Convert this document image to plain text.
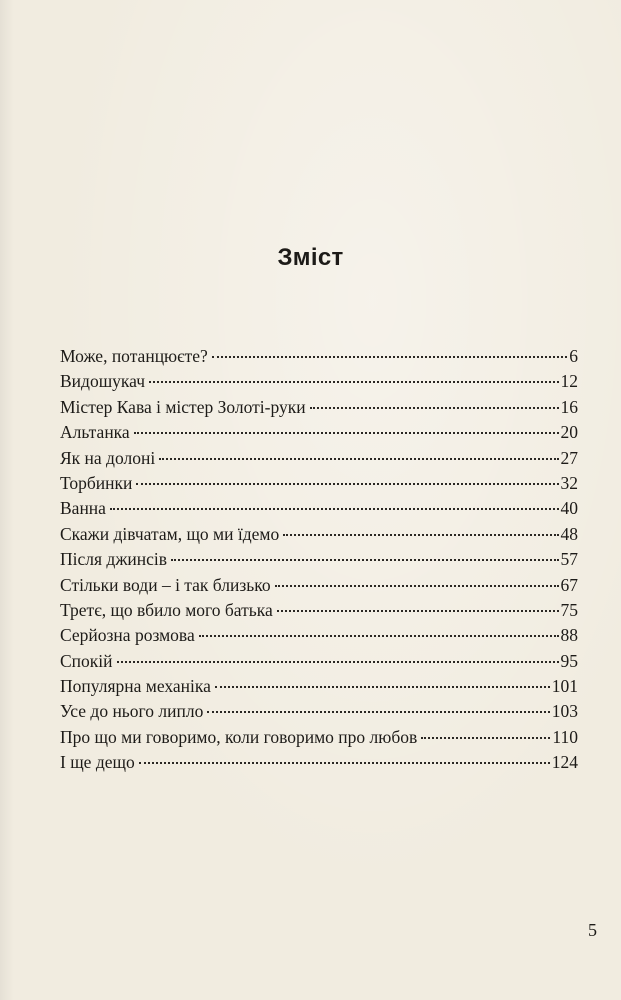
Зміст
Може, потанцюєте?	6
Видошукач	12
Містер Кава і містер Золоті-руки	16
Альтанка	20
Як на долоні	27
Торбинки	32
Ванна	40
Скажи дівчатам, що ми їдемо	48
Після джинсів	57
Стільки води – і так близько	67
Третє, що вбило мого батька	75
Серйозна розмова	88
Спокій	95
Популярна механіка	101
Усе до нього липло	103
Про що ми говоримо, коли говоримо про любов	110
І ще дещо	124
5
